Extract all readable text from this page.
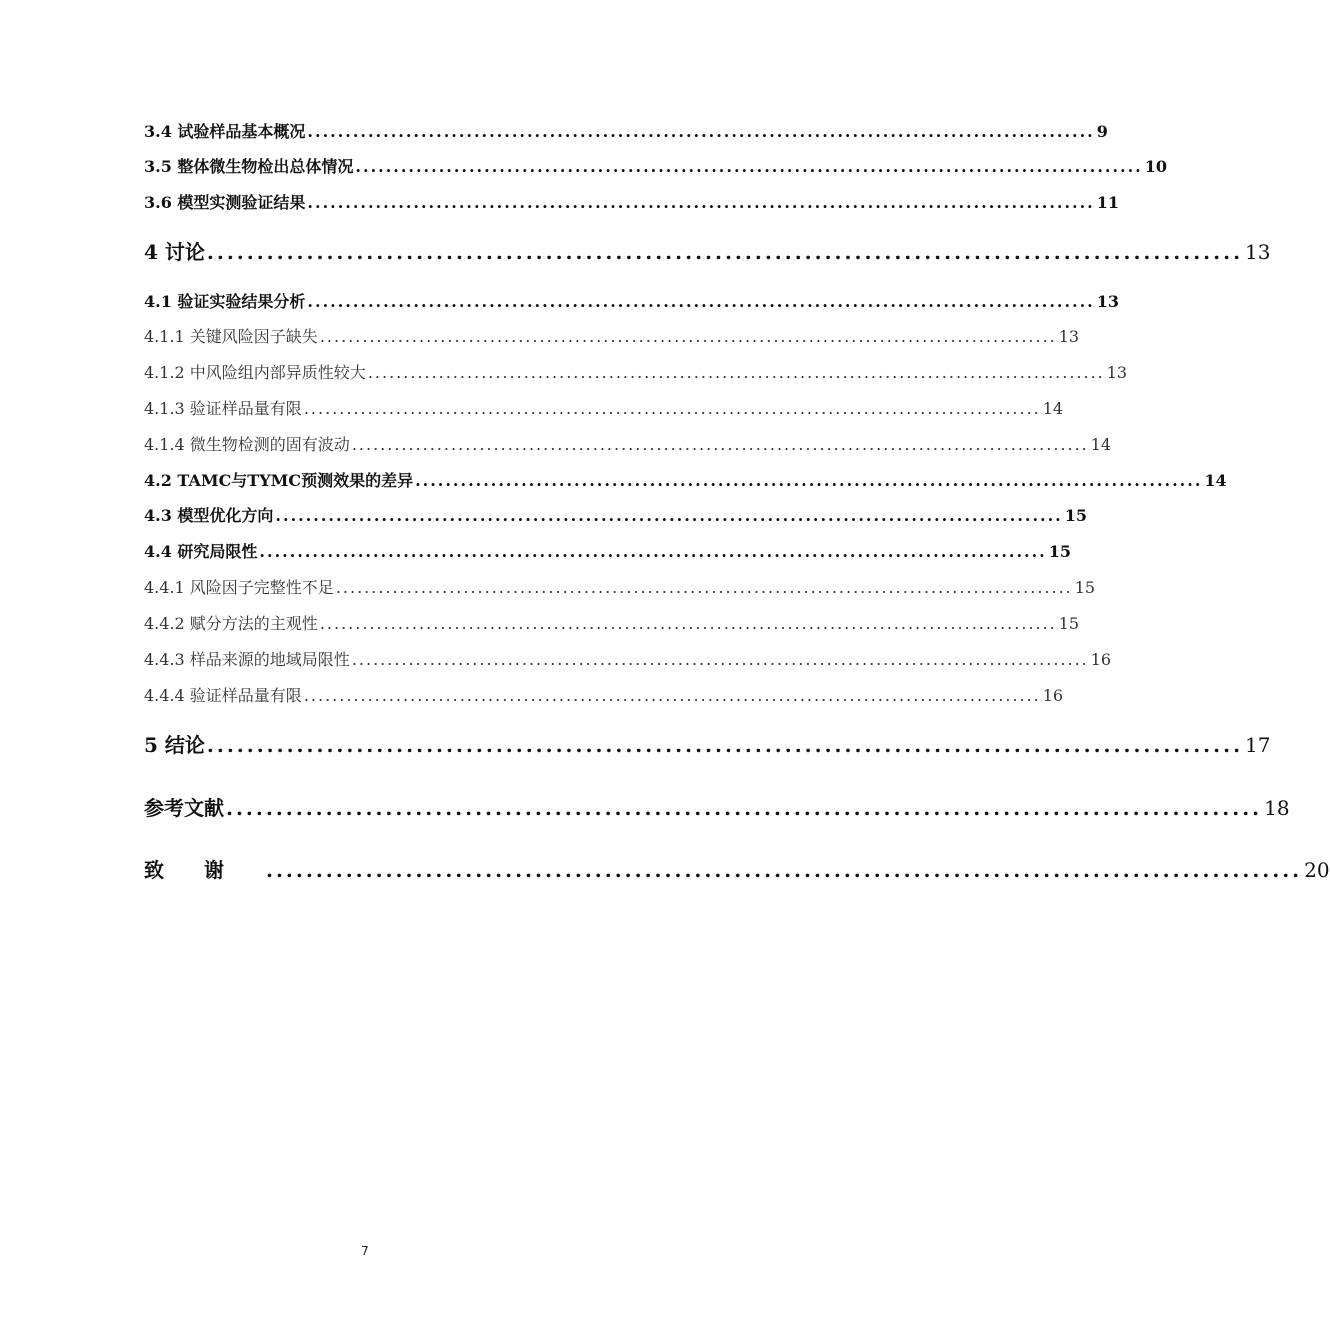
3.4 试验样品基本概况 ........................................................................................................ 9
3.5 整体微生物检出总体情况 ........................................................................................................ 10
3.6 模型实测验证结果 ........................................................................................................ 11
4 讨论 ........................................................................................................ 13
4.1 验证实验结果分析 ........................................................................................................ 13
4.1.1 关键风险因子缺失 ........................................................................................................ 13
4.1.2 中风险组内部异质性较大 ........................................................................................................ 13
4.1.3 验证样品量有限 ........................................................................................................ 14
4.1.4 微生物检测的固有波动 ........................................................................................................ 14
4.2 TAMC与TYMC预测效果的差异 ........................................................................................................ 14
4.3 模型优化方向 ........................................................................................................ 15
4.4 研究局限性 ........................................................................................................ 15
4.4.1 风险因子完整性不足 ........................................................................................................ 15
4.4.2 赋分方法的主观性 ........................................................................................................ 15
4.4.3 样品来源的地域局限性 ........................................................................................................ 16
4.4.4 验证样品量有限 ........................................................................................................ 16
5 结论 ........................................................................................................ 17
参考文献 ........................................................................................................ 18
致谢 ........................................................................................................ 20
7
